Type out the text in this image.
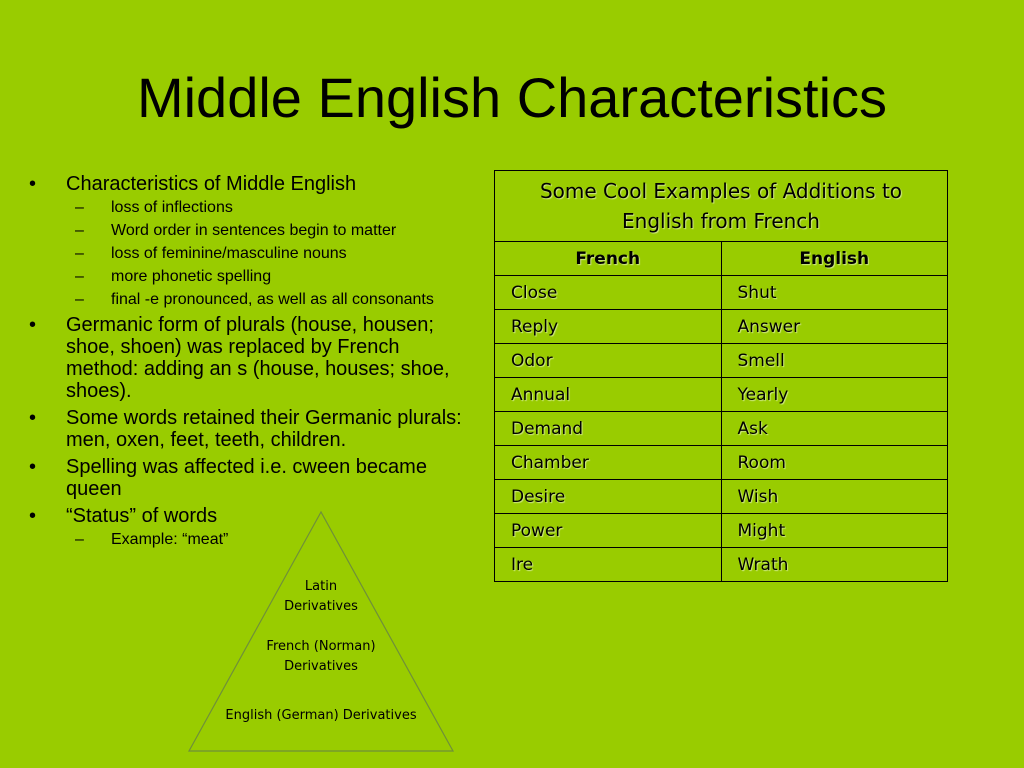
Middle English Characteristics
• Characteristics of Middle English
– loss of inflections
– Word order in sentences begin to matter
– loss of feminine/masculine nouns
– more phonetic spelling
– final -e pronounced, as well as all consonants
• Germanic form of plurals (house, housen; shoe, shoen) was replaced by French method: adding an s (house, houses; shoe, shoes).
• Some words retained their Germanic plurals: men, oxen, feet, teeth, children.
• Spelling was affected i.e. cween became queen
• “Status” of words
– Example: “meat”
Some Cool Examples of Additions to English from French	
French	English
Close	Shut
Reply	Answer
Odor	Smell
Annual	Yearly
Demand	Ask
Chamber	Room
Desire	Wish
Power	Might
Ire	Wrath
Latin Derivatives
French (Norman) Derivatives
English (German) Derivatives
